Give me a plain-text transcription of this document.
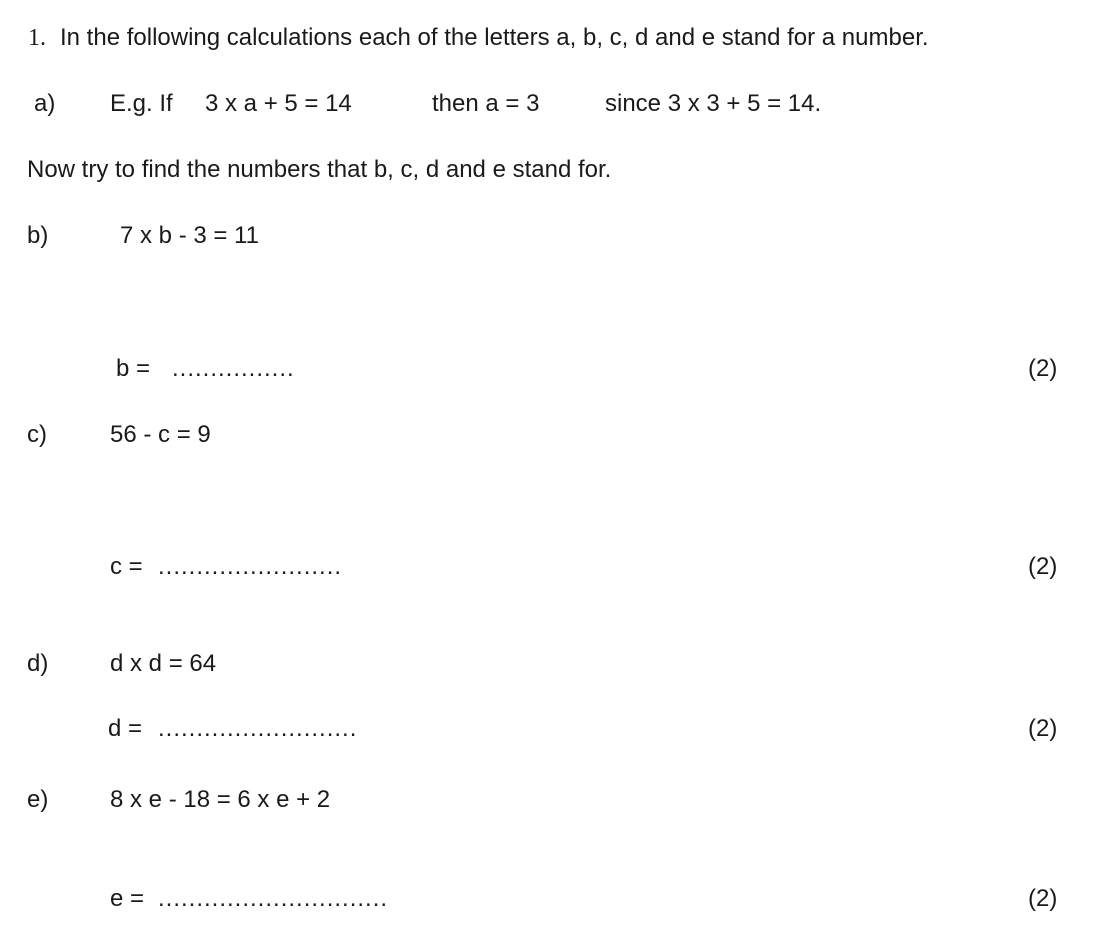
1. In the following calculations each of the letters a, b, c, d and e stand for a number.
a) E.g. If 3 x a + 5 = 14	then a = 3	since 3 x 3 + 5 = 14.
Now try to find the numbers that b, c, d and e stand for.
b)	7 x b - 3 = 11
b = ................	(2)
c)	56 - c = 9
c = ........................	(2)
d)	d x d = 64
d = ..........................	(2)
e)	8 x e - 18 = 6 x e + 2
e = ..............................	(2)
